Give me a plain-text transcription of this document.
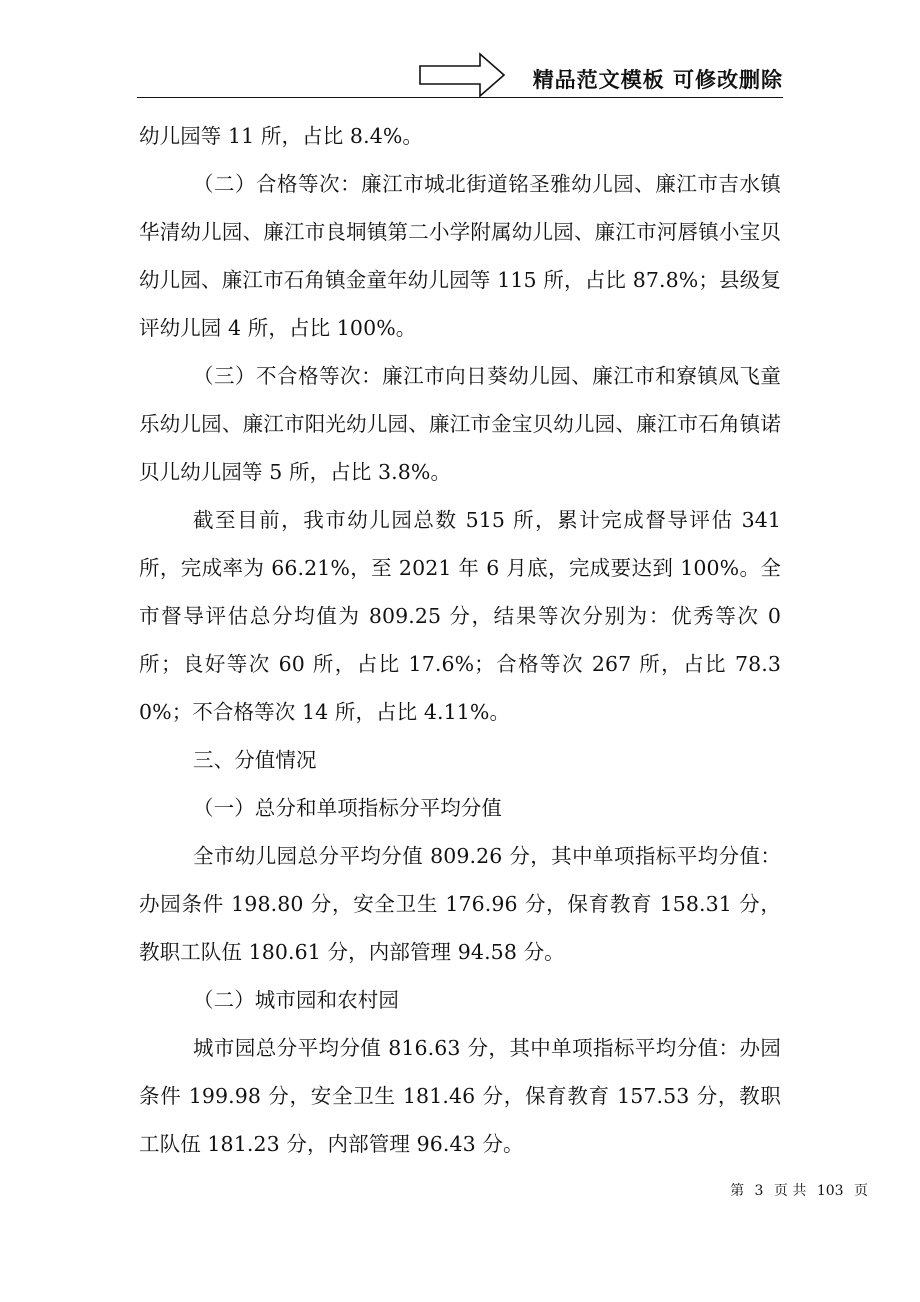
精品范文模板 可修改删除

幼儿园等 11 所，占比 8.4%。

（二）合格等次：廉江市城北街道铭圣雅幼儿园、廉江市吉水镇华清幼儿园、廉江市良垌镇第二小学附属幼儿园、廉江市河唇镇小宝贝幼儿园、廉江市石角镇金童年幼儿园等 115 所，占比 87.8%；县级复评幼儿园 4 所，占比 100%。

（三）不合格等次：廉江市向日葵幼儿园、廉江市和寮镇凤飞童乐幼儿园、廉江市阳光幼儿园、廉江市金宝贝幼儿园、廉江市石角镇诺贝儿幼儿园等 5 所，占比 3.8%。

截至目前，我市幼儿园总数 515 所，累计完成督导评估 341 所，完成率为 66.21%，至 2021 年 6 月底，完成要达到 100%。全市督导评估总分均值为 809.25 分，结果等次分别为：优秀等次 0 所；良好等次 60 所，占比 17.6%；合格等次 267 所，占比 78.30%；不合格等次 14 所，占比 4.11%。

三、分值情况

（一）总分和单项指标分平均分值

全市幼儿园总分平均分值 809.26 分，其中单项指标平均分值：办园条件 198.80 分，安全卫生 176.96 分，保育教育 158.31 分，教职工队伍 180.61 分，内部管理 94.58 分。

（二）城市园和农村园

城市园总分平均分值 816.63 分，其中单项指标平均分值：办园条件 199.98 分，安全卫生 181.46 分，保育教育 157.53 分，教职工队伍 181.23 分，内部管理 96.43 分。

第 3 页 共 103 页
